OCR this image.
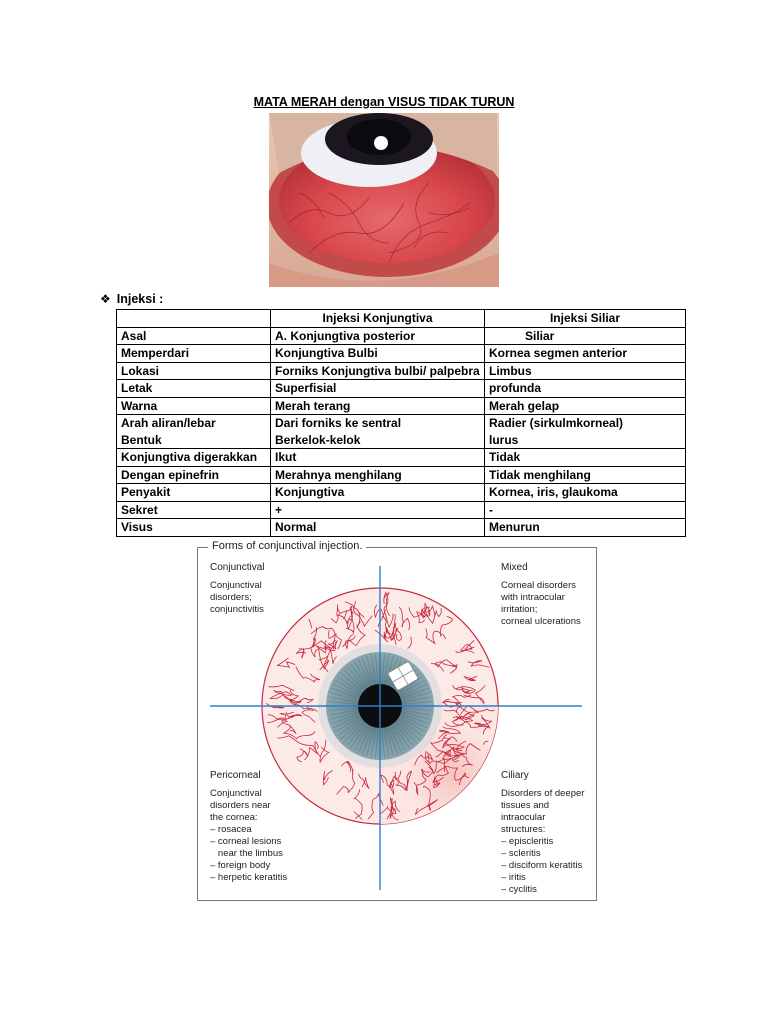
MATA MERAH dengan VISUS TIDAK TURUN
❖ Injeksi :
	Injeksi Konjungtiva	Injeksi Siliar
Asal	A. Konjungtiva posterior	Siliar
Memperdari	Konjungtiva Bulbi	Kornea segmen anterior
Lokasi	Forniks Konjungtiva bulbi/ palpebra	Limbus
Letak	Superfisial	profunda
Warna	Merah terang	Merah gelap
Arah aliran/lebar	Dari forniks ke sentral	Radier (sirkulmkorneal)
Bentuk	Berkelok-kelok	lurus
Konjungtiva digerakkan	Ikut	Tidak
Dengan epinefrin	Merahnya menghilang	Tidak menghilang
Penyakit	Konjungtiva	Kornea, iris, glaukoma
Sekret	+	-
Visus	Normal	Menurun
Forms of conjunctival injection.
Conjunctival
Conjunctival
disorders;
conjunctivitis
Mixed
Corneal disorders
with intraocular
irritation;
corneal ulcerations
Pericorneal
Conjunctival
disorders near
the cornea:
– rosacea
– corneal lesions
near the limbus
– foreign body
– herpetic keratitis
Ciliary
Disorders of deeper
tissues and intraocular
structures:
– episcleritis
– scleritis
– disciform keratitis
– iritis
– cyclitis
